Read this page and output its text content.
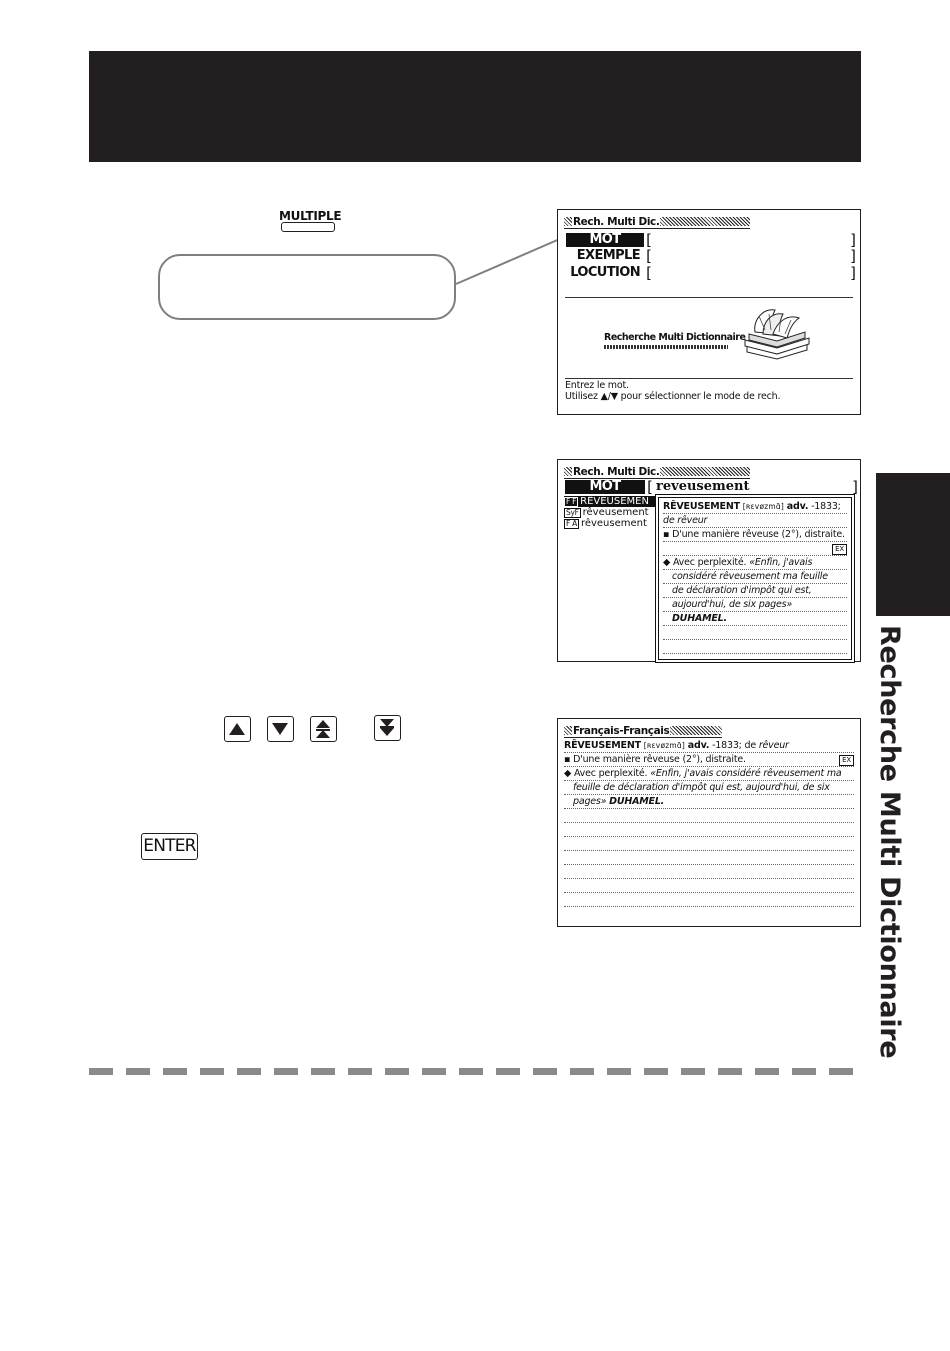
Recherche Multi Dictionnaire
MULTIPLE	Rech. Multi Dic.
MOT	[	]
EXEMPLE [	]
LOCUTION [	]
Recherche Multi Dictionnaire
Entrez le mot.
Utilisez ▲/▼ pour sélectionner le mode de rech.
Rech. Multi Dic.
MOT	[ reveusement	]
F F RÊVEUSEMEN
SyF rêveusement
F A rêveusement
RÊVEUSEMENT [ʀɛvøzmɑ̃] adv. -1833;
de rêveur
▪ D'une manière rêveuse (2°), distraite.
EX
◆ Avec perplexité. «Enfin, j'avais
considéré rêveusement ma feuille
de déclaration d'impôt qui est,
aujourd'hui, de six pages»
DUHAMEL.
ENTER
Français-Français
RÊVEUSEMENT [ʀɛvøzmɑ̃] adv. -1833; de rêveur
▪ D'une manière rêveuse (2°), distraite.	EX
◆ Avec perplexité. «Enfin, j'avais considéré rêveusement ma
feuille de déclaration d'impôt qui est, aujourd'hui, de six
pages» DUHAMEL.
